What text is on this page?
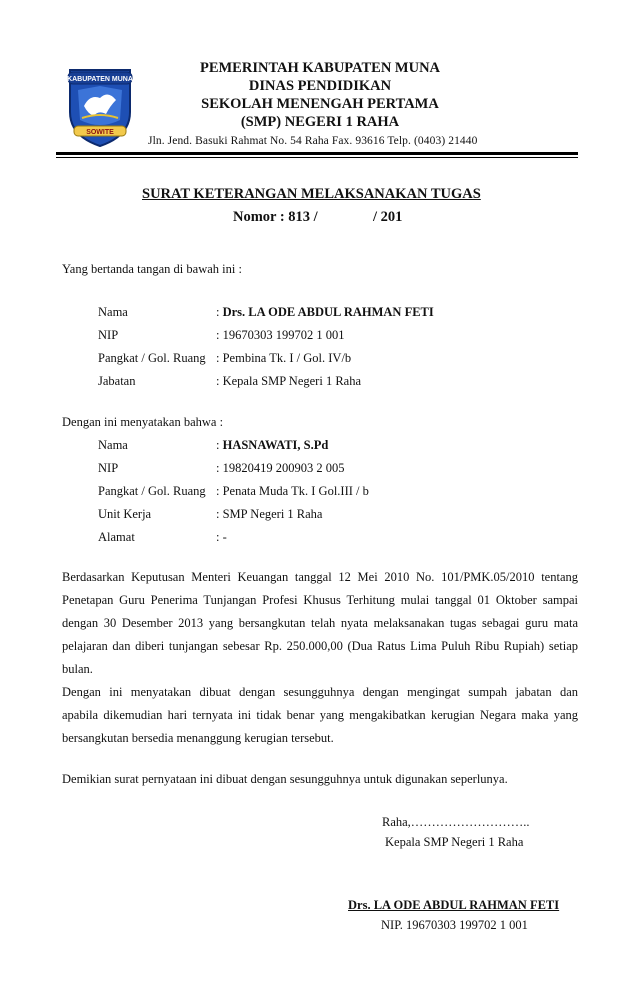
KABUPATEN MUNA
SOWITE
PEMERINTAH KABUPATEN MUNA
DINAS PENDIDIKAN
SEKOLAH MENENGAH PERTAMA
(SMP) NEGERI 1 RAHA
Jln. Jend. Basuki Rahmat No. 54 Raha Fax. 93616 Telp. (0403) 21440
SURAT KETERANGAN MELAKSANAKAN TUGAS
Nomor : 813 /	/ 201
Yang bertanda tangan di bawah ini :
Nama	: Drs. LA ODE ABDUL RAHMAN FETI
NIP	: 19670303 199702 1 001
Pangkat / Gol. Ruang : Pembina Tk. I / Gol. IV/b
Jabatan	: Kepala SMP Negeri 1 Raha
Dengan ini menyatakan bahwa :
Nama	: HASNAWATI, S.Pd
NIP	: 19820419 200903 2 005
Pangkat / Gol. Ruang : Penata Muda Tk. I Gol.III / b
Unit Kerja	: SMP Negeri 1 Raha
Alamat	: -
Berdasarkan Keputusan Menteri Keuangan tanggal 12 Mei 2010 No. 101/PMK.05/2010 tentang
Penetapan Guru Penerima Tunjangan Profesi Khusus Terhitung mulai tanggal 01 Oktober sampai
dengan 30 Desember 2013 yang bersangkutan telah nyata melaksanakan tugas sebagai guru mata
pelajaran dan diberi tunjangan sebesar Rp. 250.000,00 (Dua Ratus Lima Puluh Ribu Rupiah) setiap
bulan.
Dengan ini menyatakan dibuat dengan sesungguhnya dengan mengingat sumpah jabatan dan
apabila dikemudian hari ternyata ini tidak benar yang mengakibatkan kerugian Negara maka yang
bersangkutan bersedia menanggung kerugian tersebut.
Demikian surat pernyataan ini dibuat dengan sesungguhnya untuk digunakan seperlunya.
Raha,………………………..
Kepala SMP Negeri 1 Raha
Drs. LA ODE ABDUL RAHMAN FETI
NIP. 19670303 199702 1 001
